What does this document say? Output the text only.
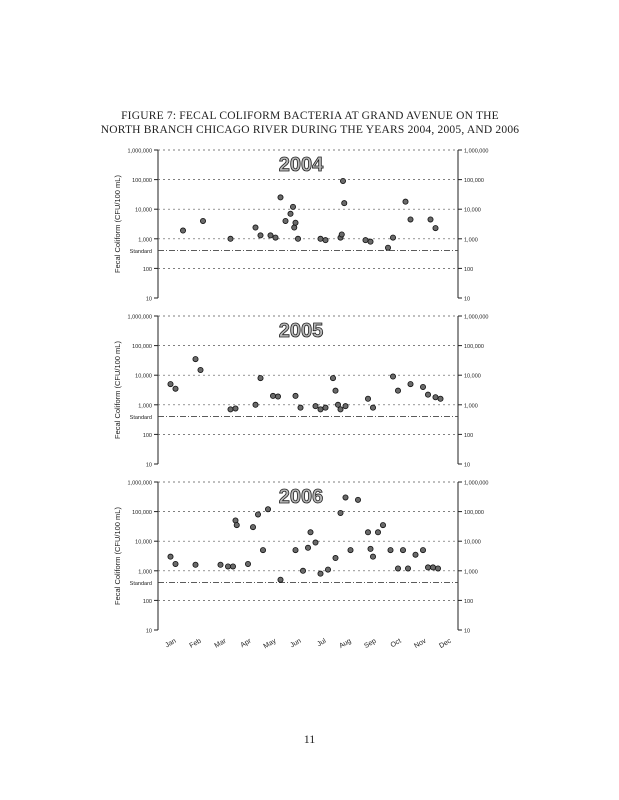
FIGURE 7: FECAL COLIFORM BACTERIA AT GRAND AVENUE ON THE
NORTH BRANCH CHICAGO RIVER DURING THE YEARS 2004, 2005, AND 2006
1,000,000	1,000,000
100,000	100,000
10,000	10,000
1,000	1,000
100	100
10	10
Standard
Fecal Coliform (CFU/100 mL)
2004
1,000,000	1,000,000
100,000	100,000
10,000	10,000
1,000	1,000
100	100
10	10
Standard
Fecal Coliform (CFU/100 mL)
2005
1,000,000	1,000,000
100,000	100,000
10,000	10,000
1,000	1,000
100	100
10	10
Standard
Fecal Coliform (CFU/100 mL)
2006
Jan Feb Mar Apr May Jun Jul Aug Sep Oct Nov Dec
11
